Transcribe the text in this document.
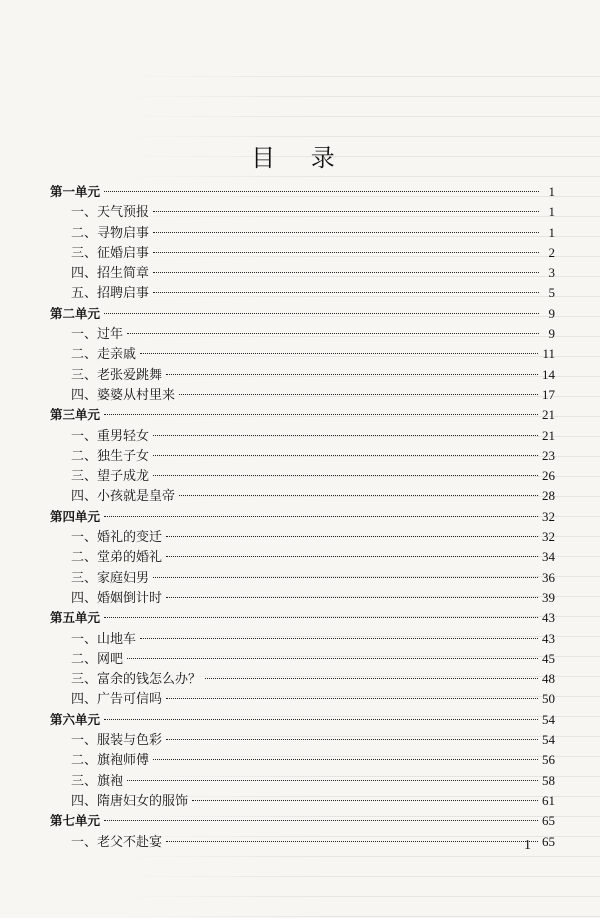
目 录
第一单元	1
一、天气预报	1
二、寻物启事	1
三、征婚启事	2
四、招生简章	3
五、招聘启事	5
第二单元	9
一、过年	9
二、走亲戚	11
三、老张爱跳舞	14
四、婆婆从村里来	17
第三单元	21
一、重男轻女	21
二、独生子女	23
三、望子成龙	26
四、小孩就是皇帝	28
第四单元	32
一、婚礼的变迁	32
二、堂弟的婚礼	34
三、家庭妇男	36
四、婚姻倒计时	39
第五单元	43
一、山地车	43
二、网吧	45
三、富余的钱怎么办？	48
四、广告可信吗	50
第六单元	54
一、服装与色彩	54
二、旗袍师傅	56
三、旗袍	58
四、隋唐妇女的服饰	61
第七单元	65
一、老父不赴宴	65
1
